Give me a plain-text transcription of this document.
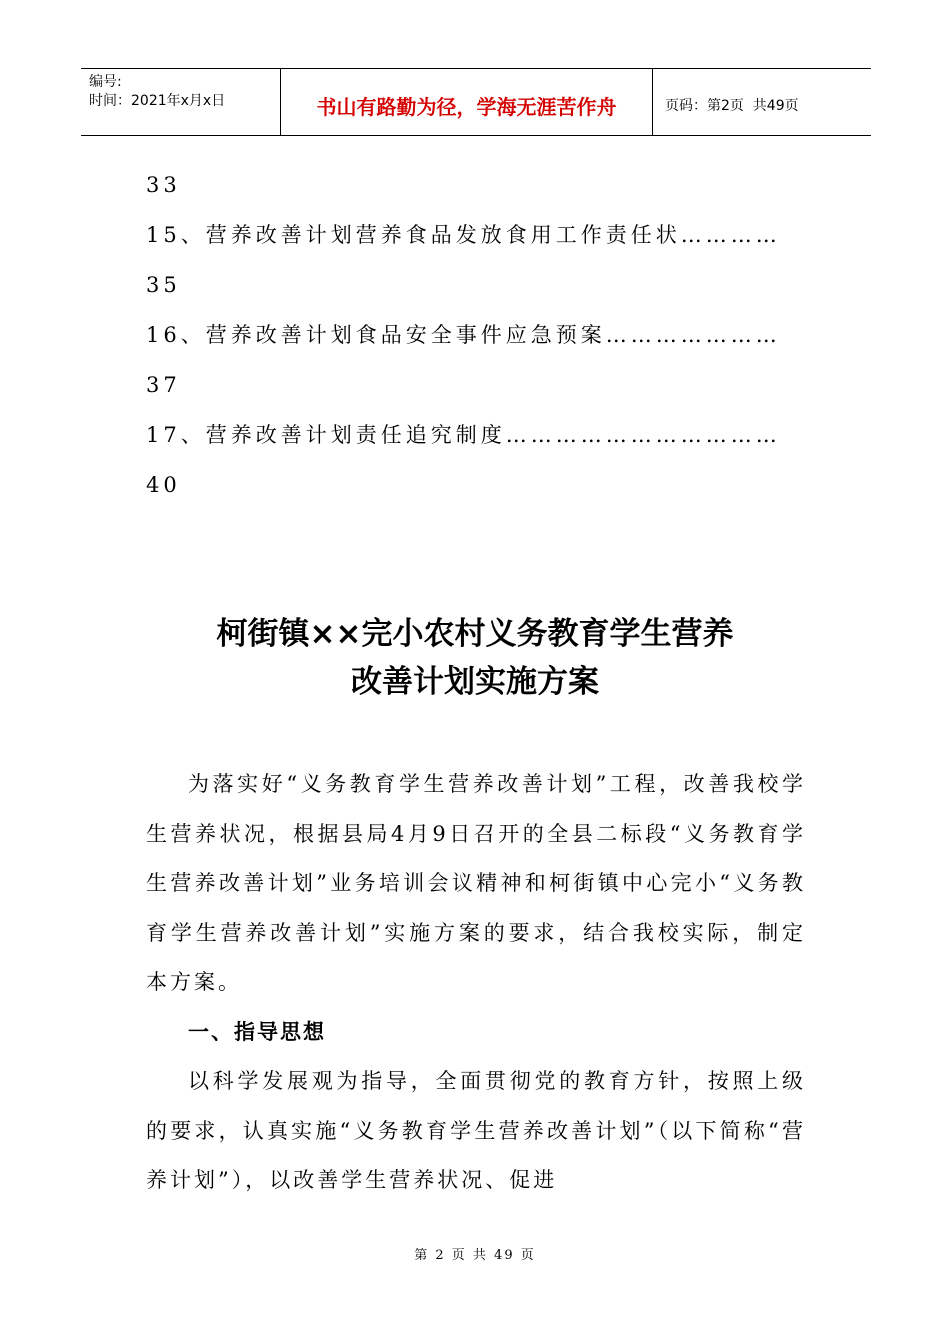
编号:
时间：2021年x月x日	书山有路勤为径，学海无涯苦作舟	页码：第2页  共49页
33
15、营养改善计划营养食品发放食用工作责任状…………
35
16、营养改善计划食品安全事件应急预案…………………
37
17、营养改善计划责任追究制度……………………………
40
柯街镇××完小农村义务教育学生营养
改善计划实施方案

为落实好“义务教育学生营养改善计划”工程，改善我校学生营养状况，根据县局4月9日召开的全县二标段“义务教育学生营养改善计划”业务培训会议精神和柯街镇中心完小“义务教育学生营养改善计划”实施方案的要求，结合我校实际，制定本方案。

一、指导思想

以科学发展观为指导，全面贯彻党的教育方针，按照上级的要求，认真实施“义务教育学生营养改善计划”（以下简称“营养计划”），以改善学生营养状况、促进

第 2 页 共 49 页
